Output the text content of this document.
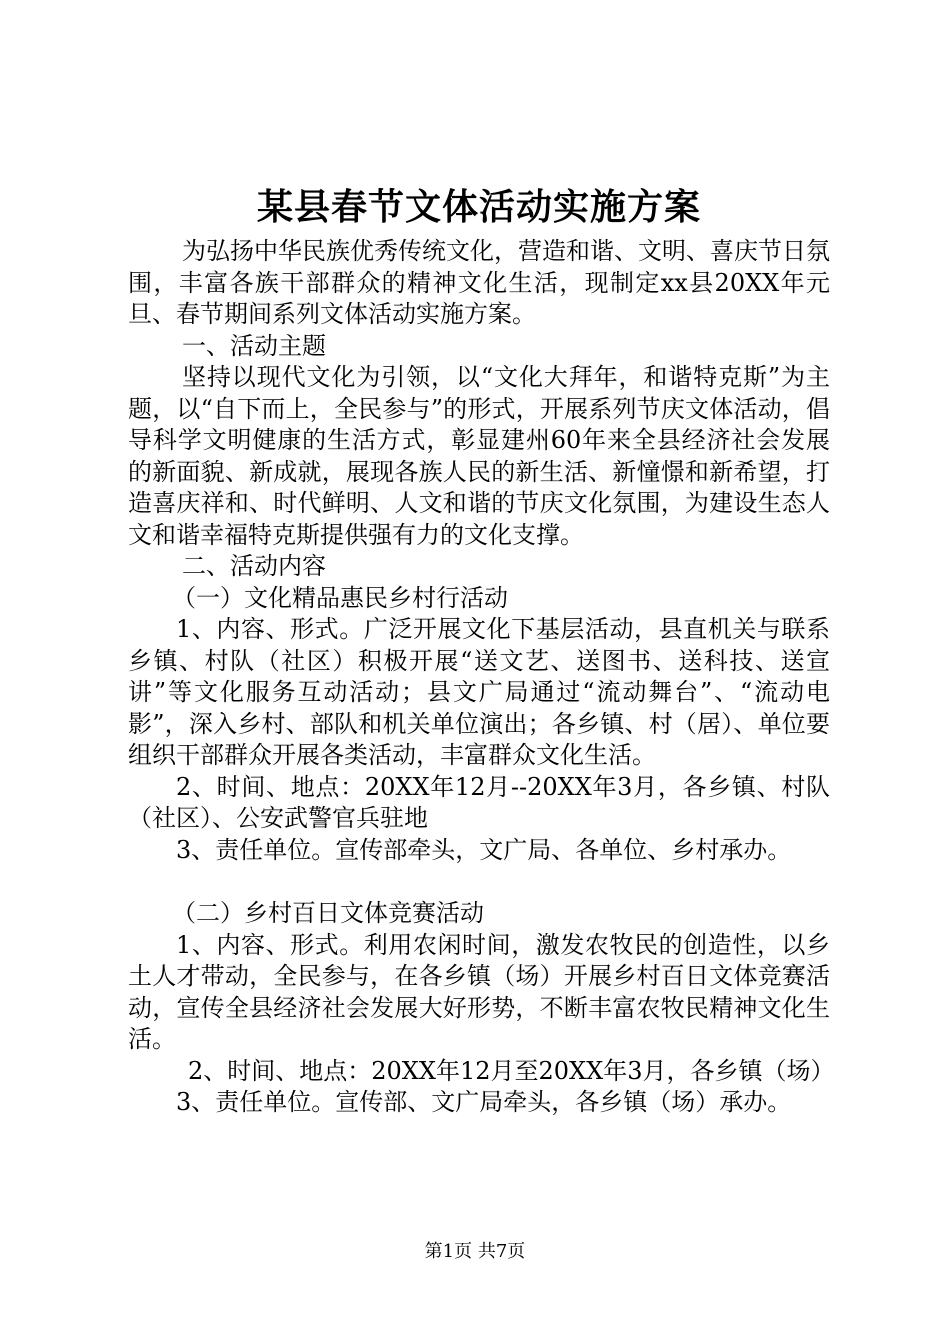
某县春节文体活动实施方案

为弘扬中华民族优秀传统文化，营造和谐、文明、喜庆节日氛围，丰富各族干部群众的精神文化生活，现制定xx县20XX年元旦、春节期间系列文体活动实施方案。

一、活动主题

坚持以现代文化为引领，以“文化大拜年，和谐特克斯”为主题，以“自下而上，全民参与”的形式，开展系列节庆文体活动，倡导科学文明健康的生活方式，彰显建州60年来全县经济社会发展的新面貌、新成就，展现各族人民的新生活、新憧憬和新希望，打造喜庆祥和、时代鲜明、人文和谐的节庆文化氛围，为建设生态人文和谐幸福特克斯提供强有力的文化支撑。

二、活动内容

（一）文化精品惠民乡村行活动

1、内容、形式。广泛开展文化下基层活动，县直机关与联系乡镇、村队（社区）积极开展“送文艺、送图书、送科技、送宣讲”等文化服务互动活动；县文广局通过“流动舞台”、“流动电影”，深入乡村、部队和机关单位演出；各乡镇、村（居）、单位要组织干部群众开展各类活动，丰富群众文化生活。

2、时间、地点：20XX年12月--20XX年3月，各乡镇、村队（社区）、公安武警官兵驻地

3、责任单位。宣传部牵头，文广局、各单位、乡村承办。

（二）乡村百日文体竞赛活动

1、内容、形式。利用农闲时间，激发农牧民的创造性，以乡土人才带动，全民参与，在各乡镇（场）开展乡村百日文体竞赛活动，宣传全县经济社会发展大好形势，不断丰富农牧民精神文化生活。

2、时间、地点：20XX年12月至20XX年3月，各乡镇（场）

3、责任单位。宣传部、文广局牵头，各乡镇（场）承办。

第1页 共7页
